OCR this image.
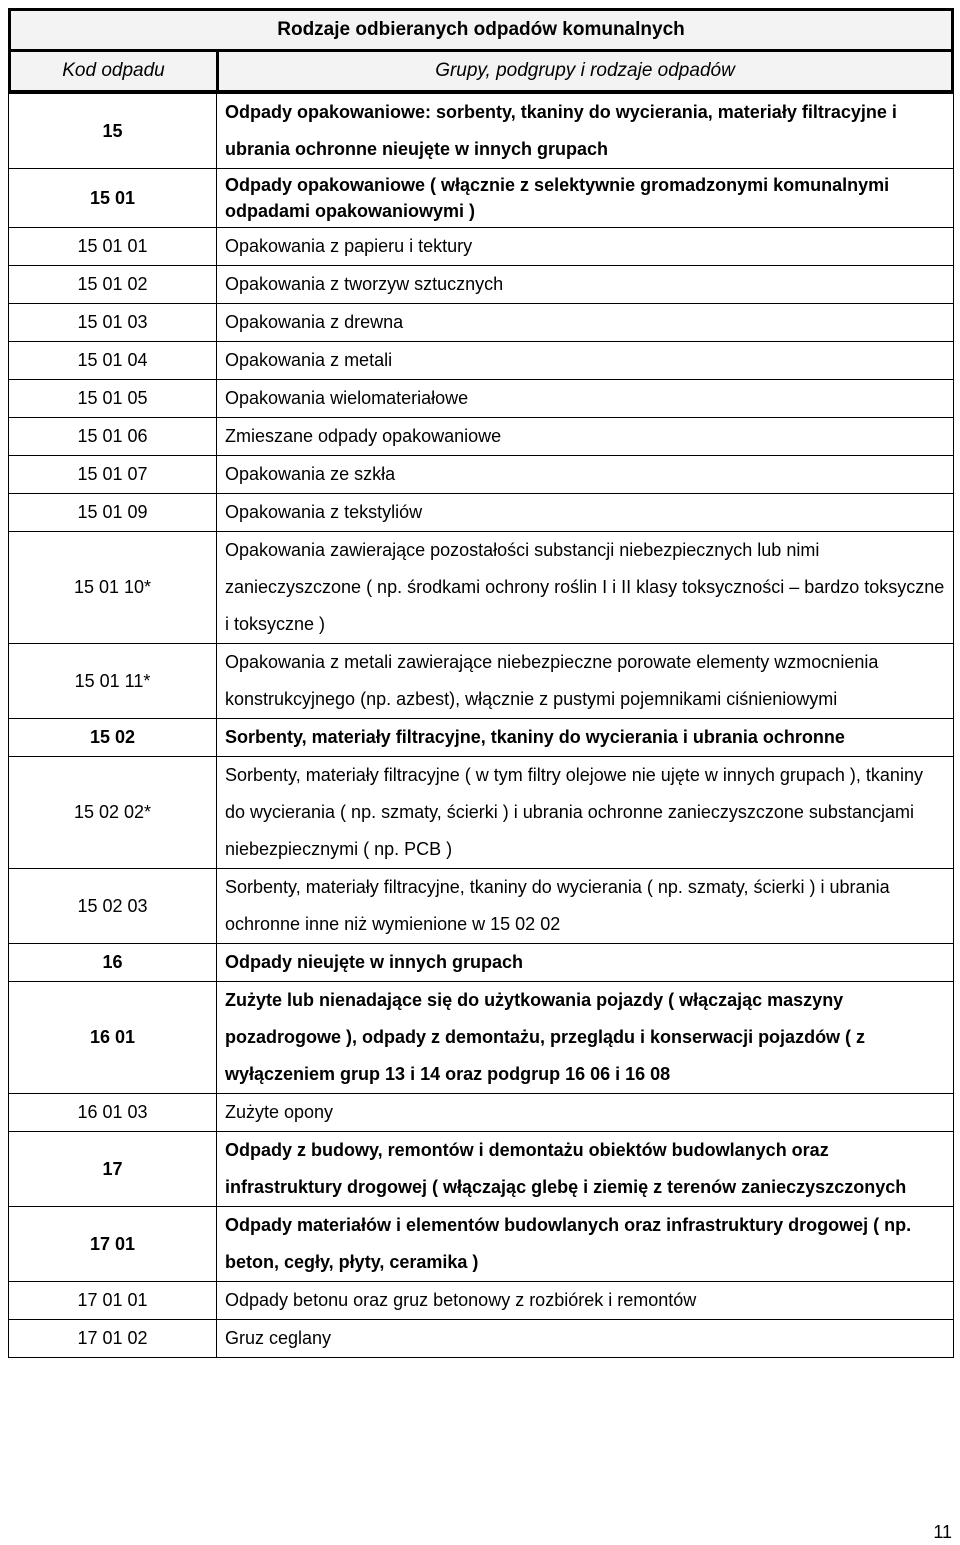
Rodzaje odbieranych odpadów komunalnych
Kod odpadu	Grupy, podgrupy i rodzaje odpadów
15	Odpady opakowaniowe: sorbenty, tkaniny do wycierania, materiały filtracyjne i ubrania ochronne nieujęte w innych grupach
15 01	Odpady opakowaniowe ( włącznie z selektywnie gromadzonymi komunalnymi odpadami opakowaniowymi )
15 01 01	Opakowania z papieru i tektury
15 01 02	Opakowania z tworzyw sztucznych
15 01 03	Opakowania z drewna
15 01 04	Opakowania z metali
15 01 05	Opakowania wielomateriałowe
15 01 06	Zmieszane odpady opakowaniowe
15 01 07	Opakowania ze szkła
15 01 09	Opakowania z tekstyliów
15 01 10*	Opakowania zawierające pozostałości substancji niebezpiecznych lub nimi zanieczyszczone ( np. środkami ochrony roślin I i II klasy toksyczności – bardzo toksyczne i toksyczne )
15 01 11*	Opakowania z metali zawierające niebezpieczne porowate elementy wzmocnienia konstrukcyjnego (np. azbest), włącznie z pustymi pojemnikami ciśnieniowymi
15 02	Sorbenty, materiały filtracyjne, tkaniny do wycierania i ubrania ochronne
15 02 02*	Sorbenty, materiały filtracyjne ( w tym filtry olejowe nie ujęte w innych grupach ), tkaniny do wycierania ( np. szmaty, ścierki ) i ubrania ochronne zanieczyszczone substancjami niebezpiecznymi ( np. PCB )
15 02 03	Sorbenty, materiały filtracyjne, tkaniny do wycierania ( np. szmaty, ścierki ) i ubrania ochronne inne niż wymienione w 15 02 02
16	Odpady nieujęte w innych grupach
16 01	Zużyte lub nienadające się do użytkowania pojazdy ( włączając maszyny pozadrogowe ), odpady z demontażu, przeglądu i konserwacji pojazdów ( z wyłączeniem grup 13 i 14 oraz podgrup 16 06 i 16 08
16 01 03	Zużyte opony
17	Odpady z budowy, remontów i demontażu obiektów budowlanych oraz infrastruktury drogowej ( włączając glebę i ziemię z terenów zanieczyszczonych
17 01	Odpady materiałów i elementów budowlanych oraz infrastruktury drogowej ( np. beton, cegły, płyty, ceramika )
17 01 01	Odpady betonu oraz gruz betonowy z rozbiórek i remontów
17 01 02	Gruz ceglany
11
